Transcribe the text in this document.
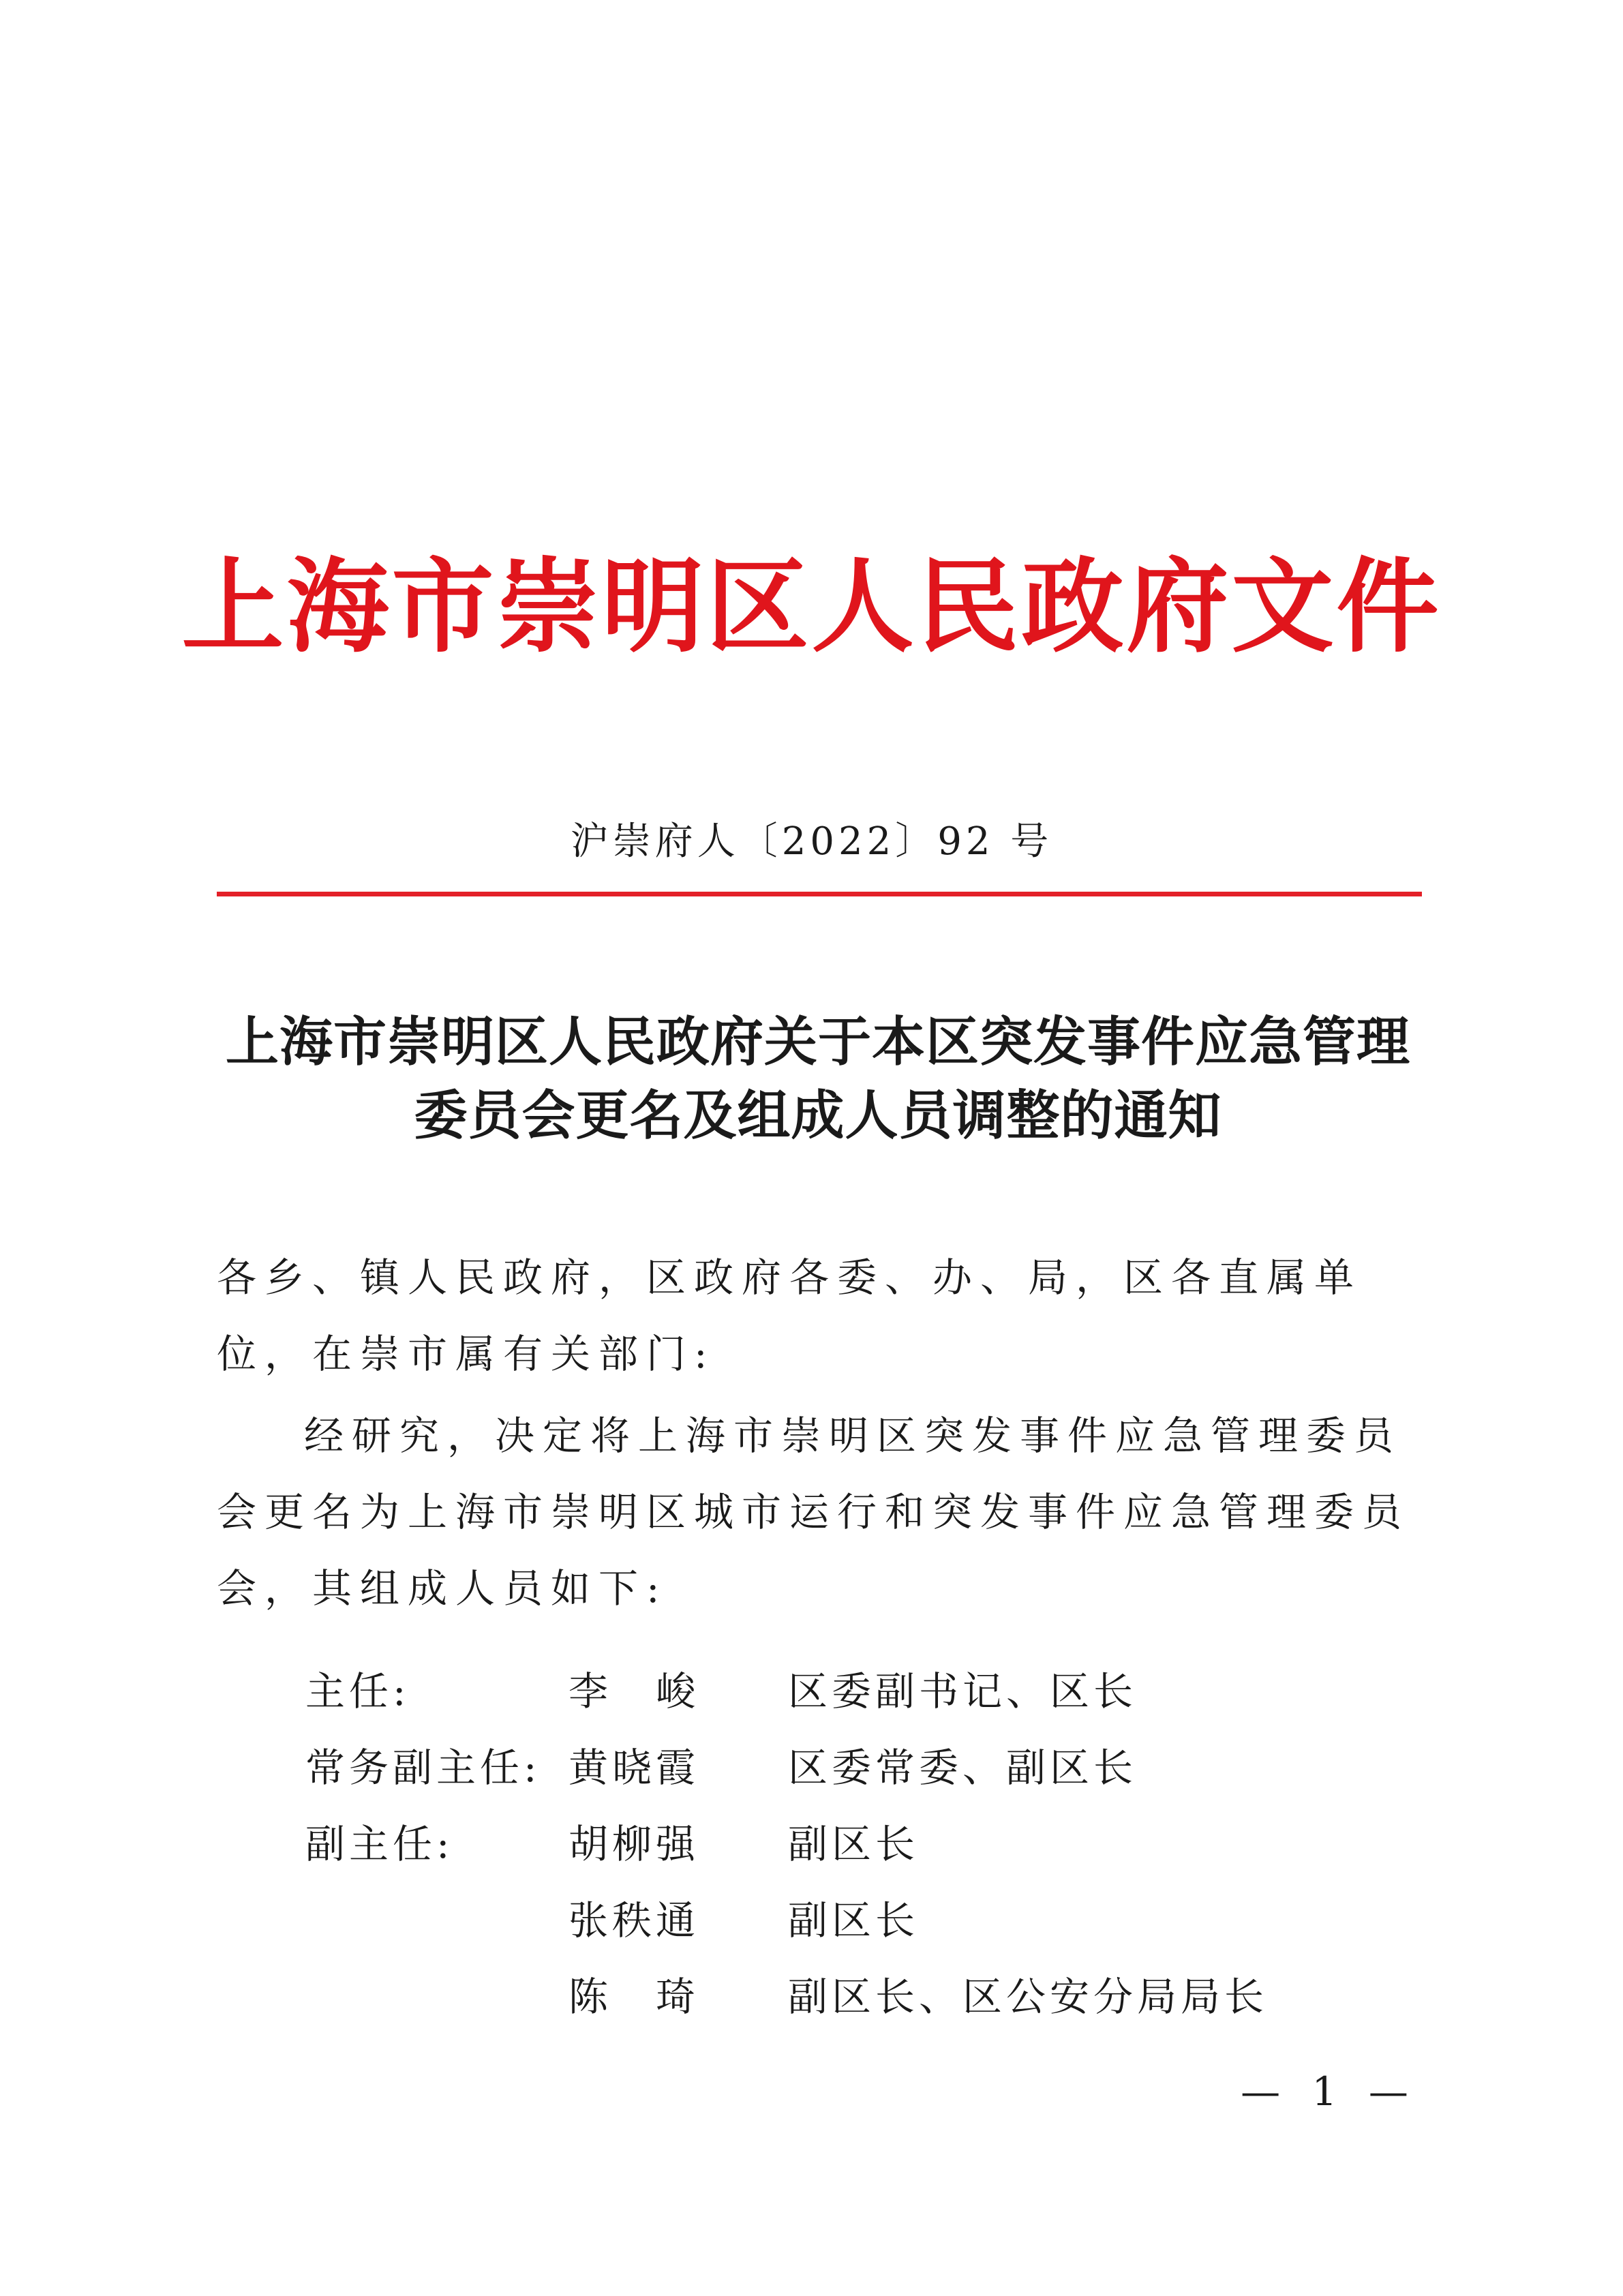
上海市崇明区人民政府文件
沪崇府人〔2022〕92 号
上海市崇明区人民政府关于本区突发事件应急管理
委员会更名及组成人员调整的通知

各乡、镇人民政府，区政府各委、办、局，区各直属单位，在崇市属有关部门:

经研究，决定将上海市崇明区突发事件应急管理委员会更名为上海市崇明区城市运行和突发事件应急管理委员会，其组成人员如下:

主任:	李峻 区委副书记、区长
常务副主任: 黄晓霞 区委常委、副区长
副主任:	胡柳强 副区长
张秩通 副区长
陈琦 副区长、区公安分局局长
— 1 —
